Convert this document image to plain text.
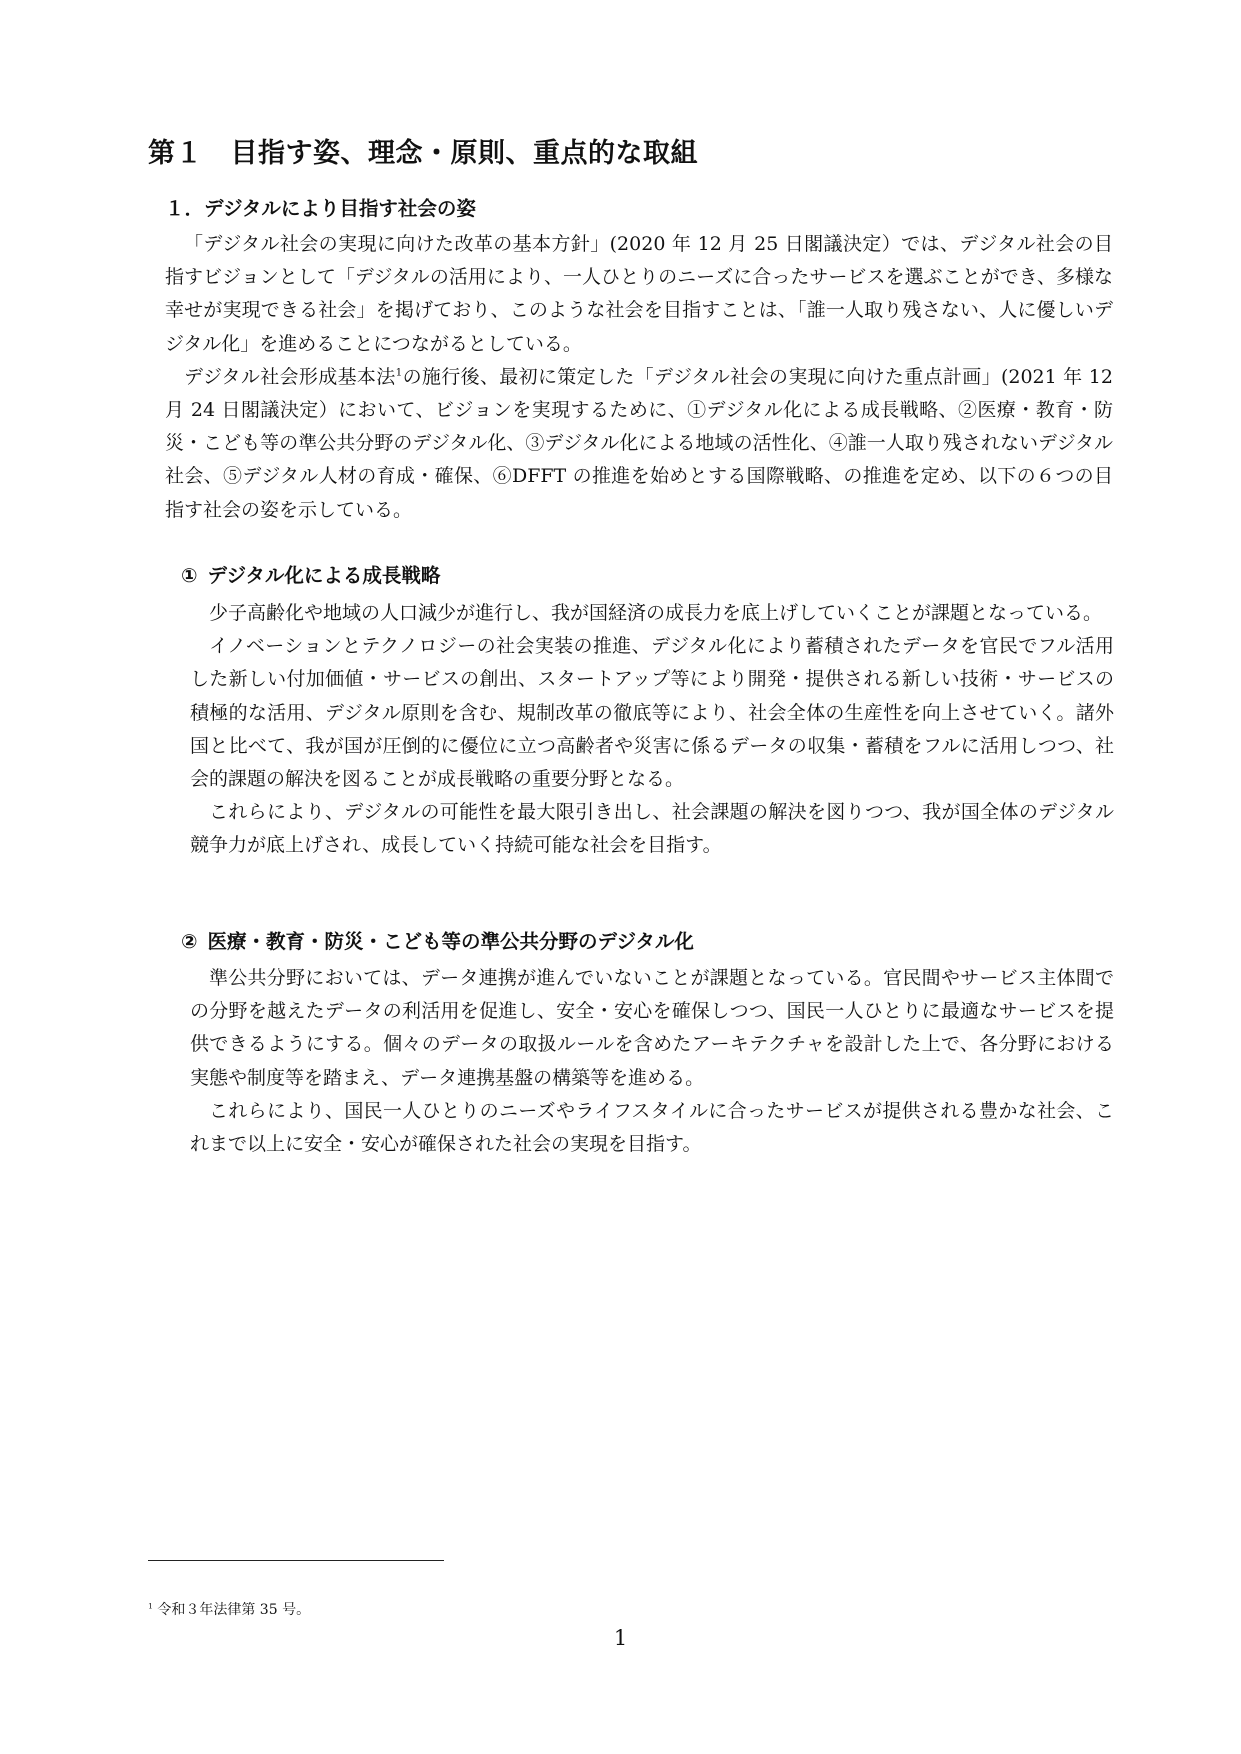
第１　目指す姿、理念・原則、重点的な取組
１．デジタルにより目指す社会の姿

「デジタル社会の実現に向けた改革の基本方針」(2020 年 12 月 25 日閣議決定）では、デジタル社会の目指すビジョンとして「デジタルの活用により、一人ひとりのニーズに合ったサービスを選ぶことができ、多様な幸せが実現できる社会」を掲げており、このような社会を目指すことは、「誰一人取り残さない、人に優しいデジタル化」を進めることにつながるとしている。

デジタル社会形成基本法$^1$の施行後、最初に策定した「デジタル社会の実現に向けた重点計画」(2021 年 12 月 24 日閣議決定）において、ビジョンを実現するために、①デジタル化による成長戦略、②医療・教育・防災・こども等の準公共分野のデジタル化、③デジタル化による地域の活性化、④誰一人取り残されないデジタル社会、⑤デジタル人材の育成・確保、⑥DFFT の推進を始めとする国際戦略、の推進を定め、以下の６つの目指す社会の姿を示している。

① デジタル化による成長戦略

少子高齢化や地域の人口減少が進行し、我が国経済の成長力を底上げしていくことが課題となっている。

イノベーションとテクノロジーの社会実装の推進、デジタル化により蓄積されたデータを官民でフル活用した新しい付加価値・サービスの創出、スタートアップ等により開発・提供される新しい技術・サービスの積極的な活用、デジタル原則を含む、規制改革の徹底等により、社会全体の生産性を向上させていく。諸外国と比べて、我が国が圧倒的に優位に立つ高齢者や災害に係るデータの収集・蓄積をフルに活用しつつ、社会的課題の解決を図ることが成長戦略の重要分野となる。

これらにより、デジタルの可能性を最大限引き出し、社会課題の解決を図りつつ、我が国全体のデジタル競争力が底上げされ、成長していく持続可能な社会を目指す。

② 医療・教育・防災・こども等の準公共分野のデジタル化

準公共分野においては、データ連携が進んでいないことが課題となっている。官民間やサービス主体間での分野を越えたデータの利活用を促進し、安全・安心を確保しつつ、国民一人ひとりに最適なサービスを提供できるようにする。個々のデータの取扱ルールを含めたアーキテクチャを設計した上で、各分野における実態や制度等を踏まえ、データ連携基盤の構築等を進める。

これらにより、国民一人ひとりのニーズやライフスタイルに合ったサービスが提供される豊かな社会、これまで以上に安全・安心が確保された社会の実現を目指す。

$^1$ 令和３年法律第 35 号。
1
